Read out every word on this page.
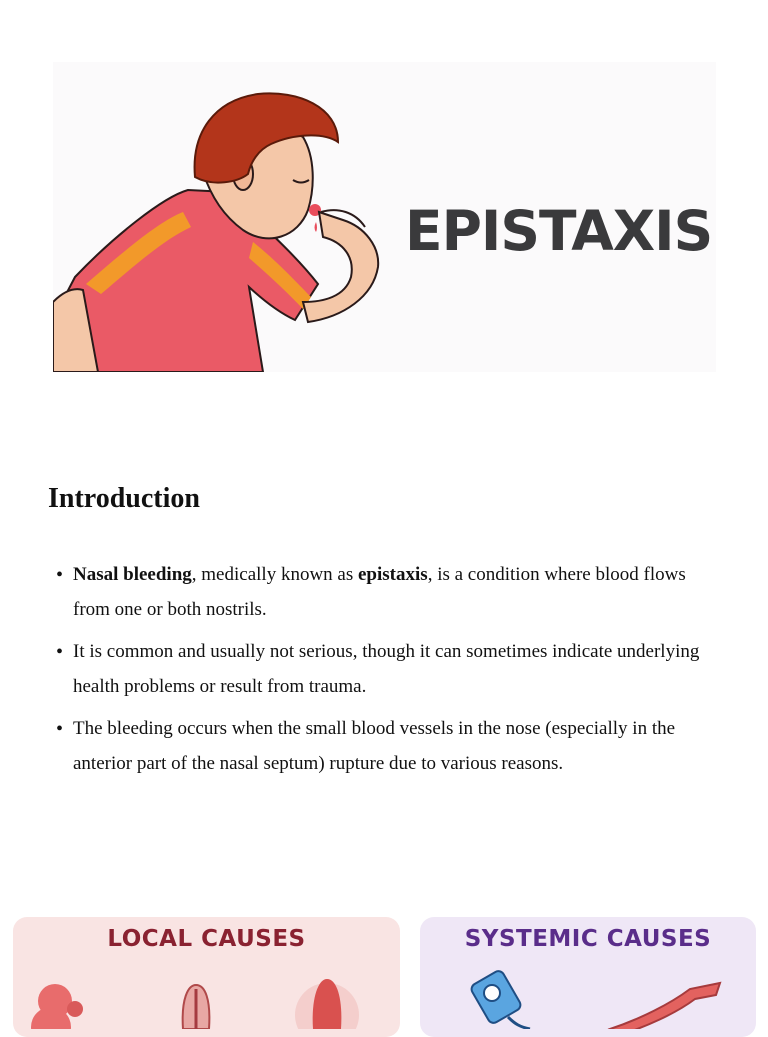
EPISTAXIS
Introduction
• Nasal bleeding, medically known as epistaxis, is a condition where blood flows from one or both nostrils.
• It is common and usually not serious, though it can sometimes indicate underlying health problems or result from trauma.
• The bleeding occurs when the small blood vessels in the nose (especially in the anterior part of the nasal septum) rupture due to various reasons.
LOCAL CAUSES	SYSTEMIC CAUSES
